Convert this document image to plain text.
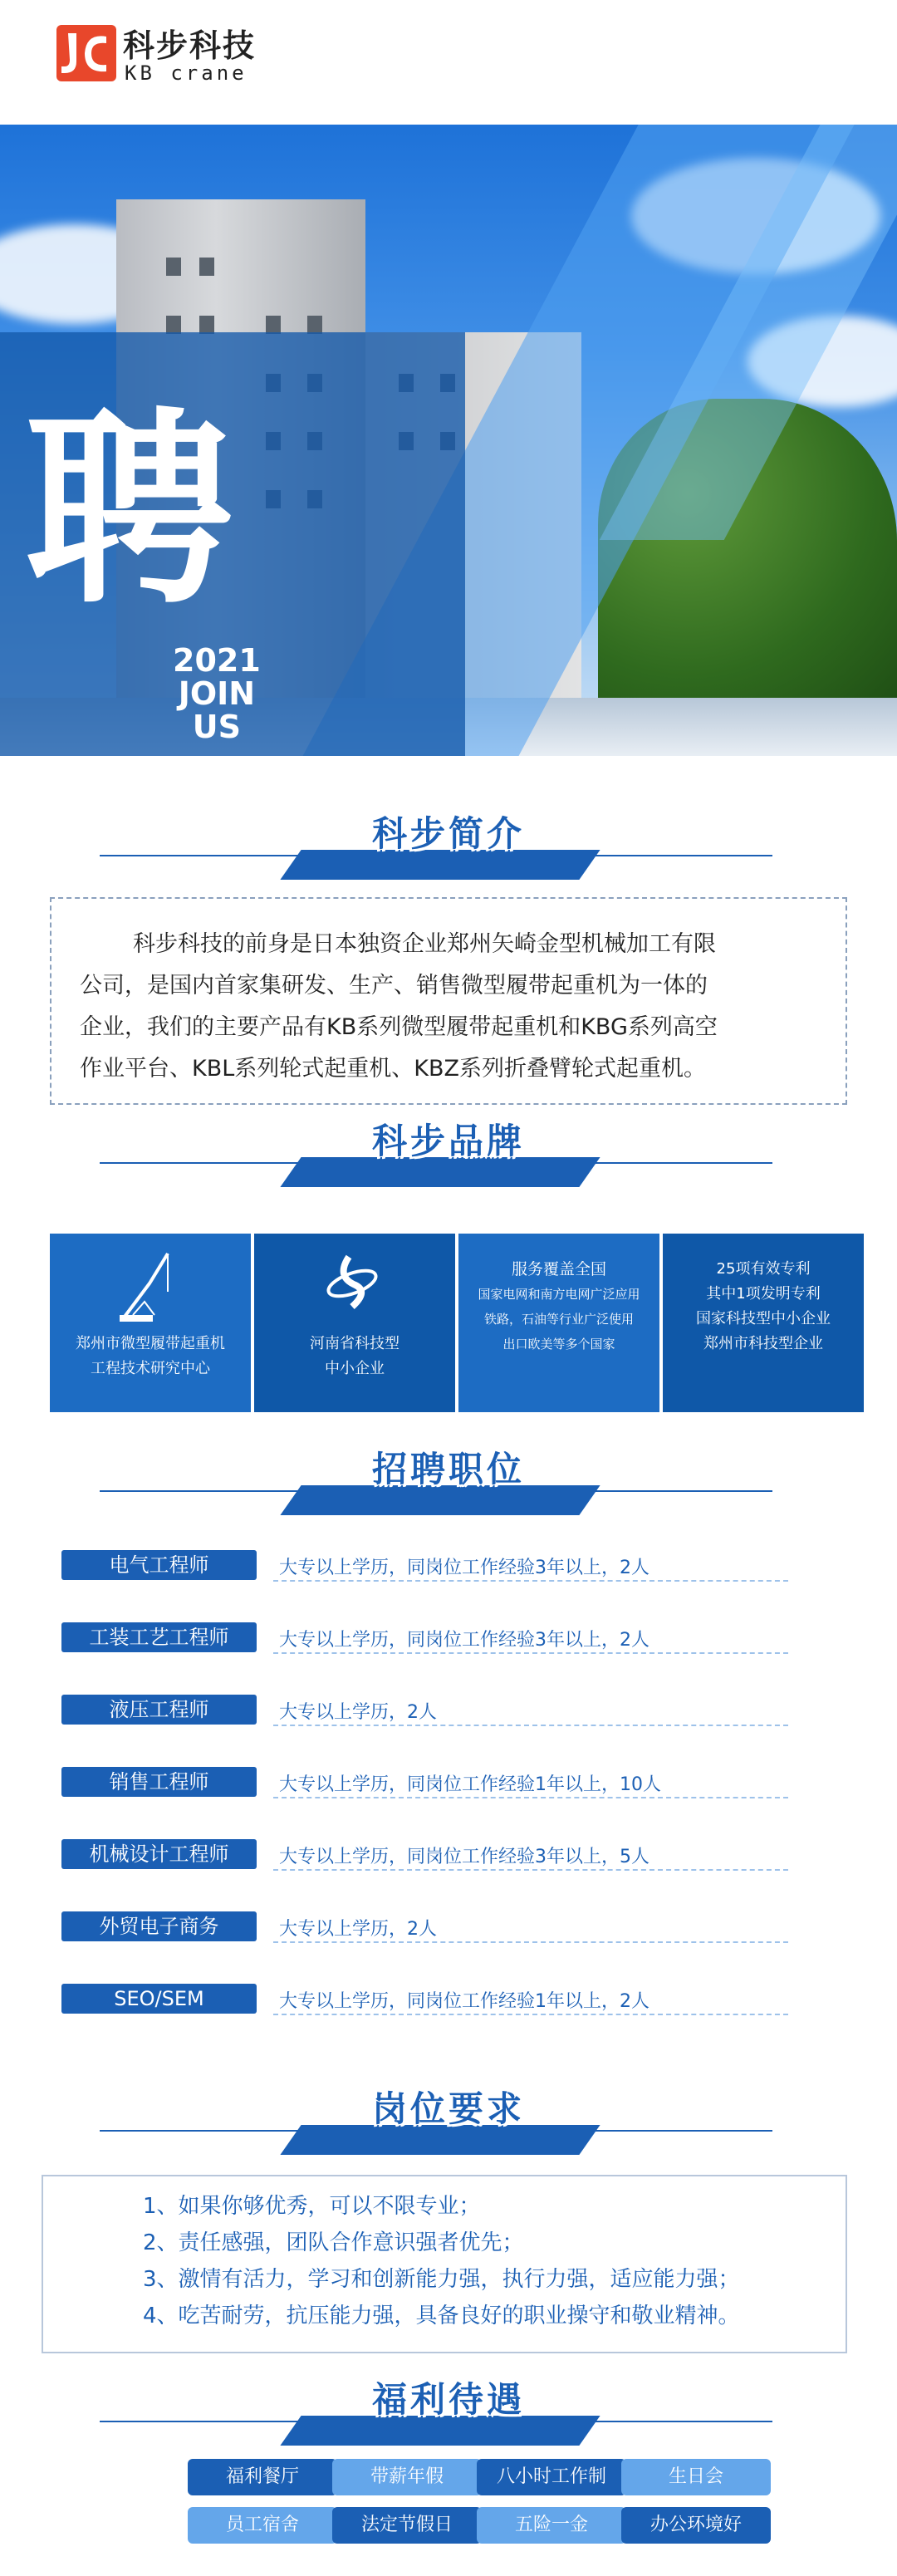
科步科技
KB crane
聘
2021
JOIN
US
科步简介
科步科技的前身是日本独资企业郑州矢崎金型机械加工有限
公司，是国内首家集研发、生产、销售微型履带起重机为一体的
企业，我们的主要产品有KB系列微型履带起重机和KBG系列高空
作业平台、KBL系列轮式起重机、KBZ系列折叠臂轮式起重机。
科步品牌
郑州市微型履带起重机
工程技术研究中心
河南省科技型
中小企业
服务覆盖全国
国家电网和南方电网广泛应用
铁路，石油等行业广泛使用
出口欧美等多个国家
25项有效专利
其中1项发明专利
国家科技型中小企业
郑州市科技型企业
招聘职位
电气工程师	大专以上学历，同岗位工作经验3年以上，2人
工装工艺工程师	大专以上学历，同岗位工作经验3年以上，2人
液压工程师	大专以上学历，2人
销售工程师	大专以上学历，同岗位工作经验1年以上，10人
机械设计工程师	大专以上学历，同岗位工作经验3年以上，5人
外贸电子商务	大专以上学历，2人
SEO/SEM	大专以上学历，同岗位工作经验1年以上，2人
岗位要求
1、如果你够优秀，可以不限专业；
2、责任感强，团队合作意识强者优先；
3、激情有活力，学习和创新能力强，执行力强，适应能力强；
4、吃苦耐劳，抗压能力强，具备良好的职业操守和敬业精神。
福利待遇
福利餐厅	带薪年假	八小时工作制	生日会
员工宿舍	法定节假日	五险一金	办公环境好
